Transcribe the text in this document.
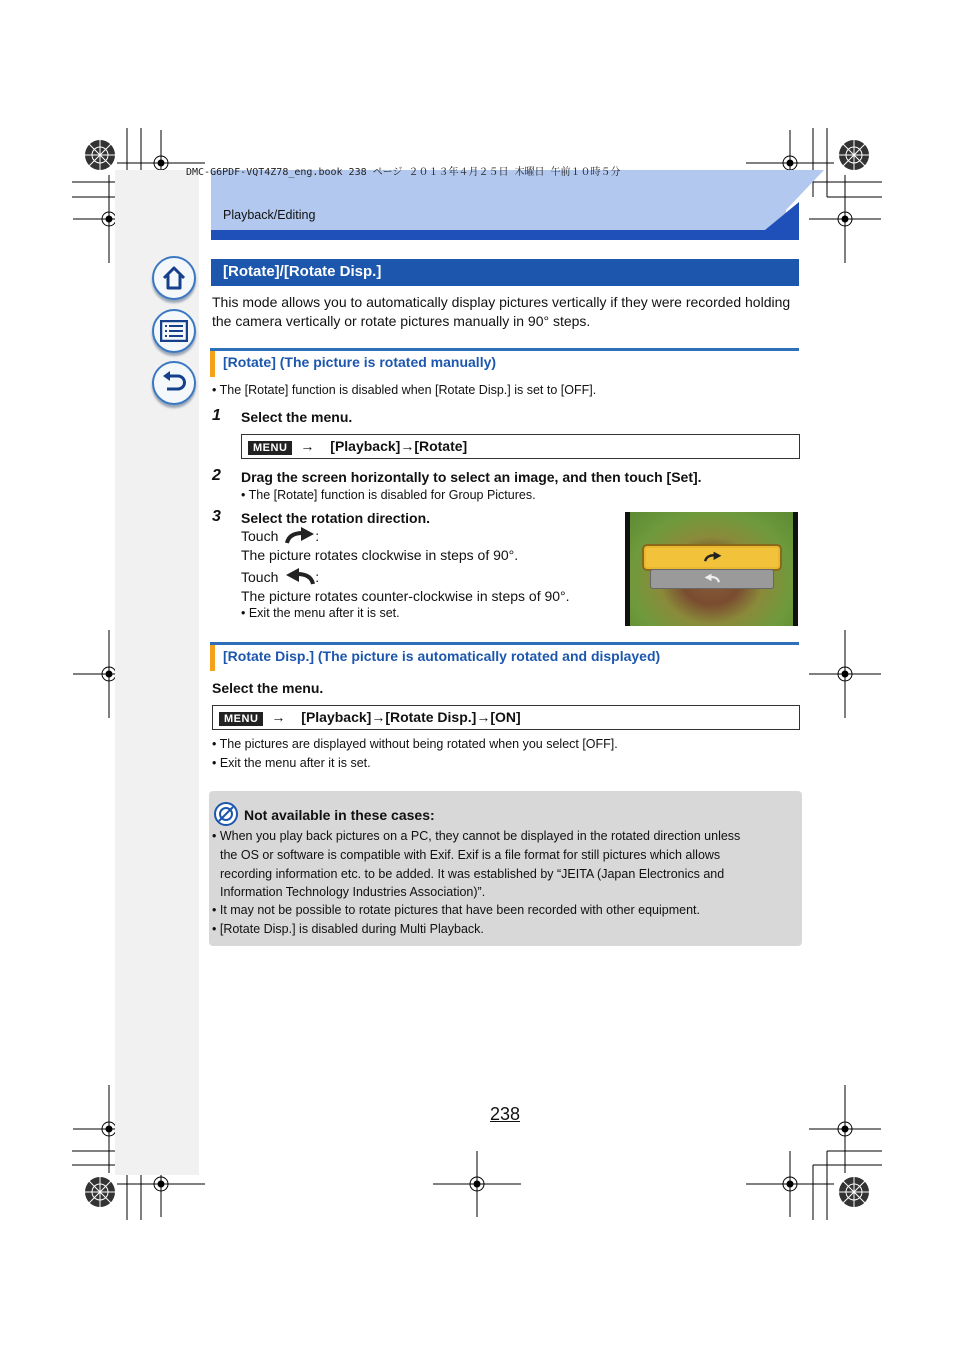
Playback/Editing
DMC-G6PDF-VQT4Z78_eng.book 238 ページ ２０１３年４月２５日 木曜日 午前１０時５分
[Rotate]/[Rotate Disp.]
This mode allows you to automatically display pictures vertically if they were recorded holding the camera vertically or rotate pictures manually in 90° steps.
[Rotate] (The picture is rotated manually)
• The [Rotate] function is disabled when [Rotate Disp.] is set to [OFF].
1 Select the menu.
MENU → [Playback]→[Rotate]
2 Drag the screen horizontally to select an image, and then touch [Set].
• The [Rotate] function is disabled for Group Pictures.
3 Select the rotation direction.
Touch	:
The picture rotates clockwise in steps of 90°.
Touch	:
The picture rotates counter-clockwise in steps of 90°.
• Exit the menu after it is set.
[Rotate Disp.] (The picture is automatically rotated and displayed)
Select the menu.
MENU → [Playback]→[Rotate Disp.]→[ON]
• The pictures are displayed without being rotated when you select [OFF].
• Exit the menu after it is set.
Not available in these cases:
• When you play back pictures on a PC, they cannot be displayed in the rotated direction unless
the OS or software is compatible with Exif. Exif is a file format for still pictures which allows
recording information etc. to be added. It was established by “JEITA (Japan Electronics and
Information Technology Industries Association)”.
• It may not be possible to rotate pictures that have been recorded with other equipment.
• [Rotate Disp.] is disabled during Multi Playback.
238
